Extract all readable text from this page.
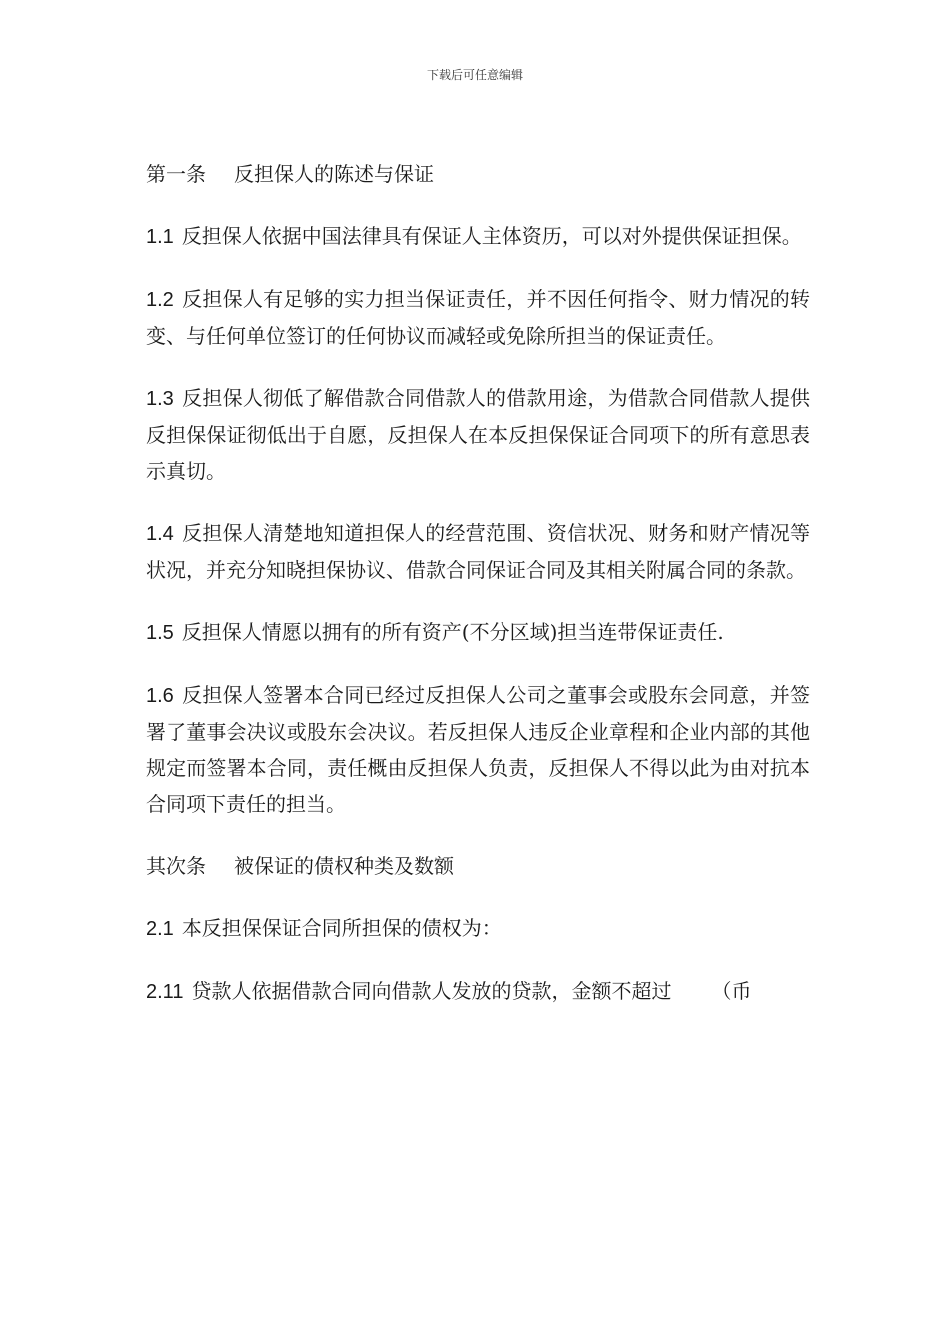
下载后可任意编辑
第一条 反担保人的陈述与保证

1.1 反担保人依据中国法律具有保证人主体资历，可以对外提供保证担保。

1.2 反担保人有足够的实力担当保证责任，并不因任何指令、财力情况的转变、与任何单位签订的任何协议而减轻或免除所担当的保证责任。

1.3 反担保人彻低了解借款合同借款人的借款用途，为借款合同借款人提供反担保保证彻低出于自愿，反担保人在本反担保保证合同项下的所有意思表示真切。

1.4 反担保人清楚地知道担保人的经营范围、资信状况、财务和财产情况等状况，并充分知晓担保协议、借款合同保证合同及其相关附属合同的条款。

1.5 反担保人情愿以拥有的所有资产(不分区域)担当连带保证责任.

1.6 反担保人签署本合同已经过反担保人公司之董事会或股东会同意，并签署了董事会决议或股东会决议。若反担保人违反企业章程和企业内部的其他规定而签署本合同，责任概由反担保人负责，反担保人不得以此为由对抗本合同项下责任的担当。

其次条 被保证的债权种类及数额

2.1 本反担保保证合同所担保的债权为：

2.11 贷款人依据借款合同向借款人发放的贷款，金额不超过 （币
